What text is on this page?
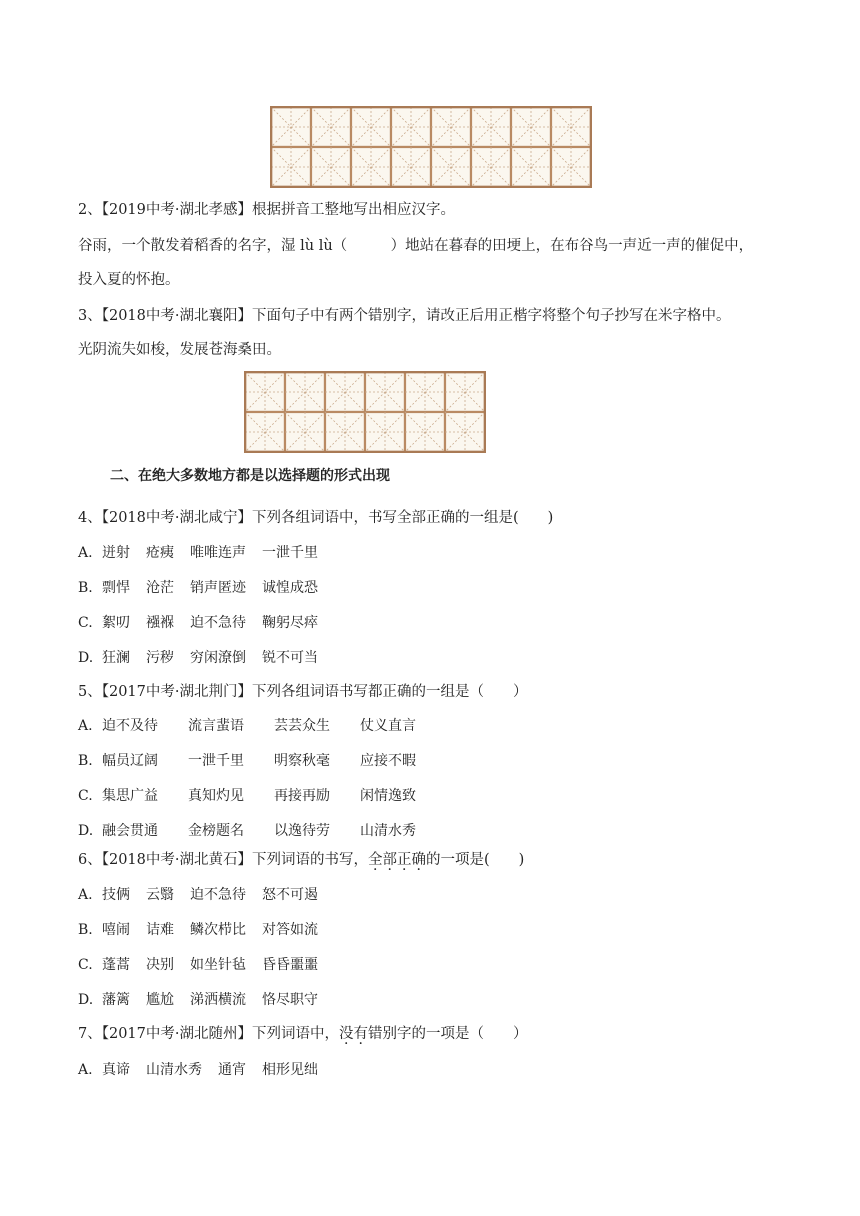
2、【2019中考·湖北孝感】根据拼音工整地写出相应汉字。
谷雨，一个散发着稻香的名字，湿 lù lù（　　　）地站在暮春的田埂上，在布谷鸟一声近一声的催促中，
投入夏的怀抱。
3、【2018中考·湖北襄阳】下面句子中有两个错别字，请改正后用正楷字将整个句子抄写在米字格中。
光阴流失如梭，发展苍海桑田。
二、在绝大多数地方都是以选择题的形式出现
4、【2018中考·湖北咸宁】下列各组词语中，书写全部正确的一组是(　　)
A. 迸射 疮痍 唯唯连声 一泄千里
B. 剽悍 沧茫 销声匿迹 诚惶成恐
C. 絮叨 襁褓 迫不急待 鞠躬尽瘁
D. 狂澜 污秽 穷闲潦倒 锐不可当
5、【2017中考·湖北荆门】下列各组词语书写都正确的一组是（　　）
A. 迫不及待 流言蜚语 芸芸众生 仗义直言
B. 幅员辽阔 一泄千里 明察秋毫 应接不暇
C. 集思广益 真知灼见 再接再励 闲情逸致
D. 融会贯通 金榜题名 以逸待劳 山清水秀
6、【2018中考·湖北黄石】下列词语的书写，全部正确的一项是(　　)
A. 技俩 云翳 迫不急待 怒不可遏
B. 嘻闹 诘难 鳞次栉比 对答如流
C. 蓬蒿 决别 如坐针毡 昏昏噩噩
D. 藩篱 尴尬 涕洒横流 恪尽职守
7、【2017中考·湖北随州】下列词语中，没有错别字的一项是（　　）
A. 真谛 山清水秀 通宵 相形见绌
